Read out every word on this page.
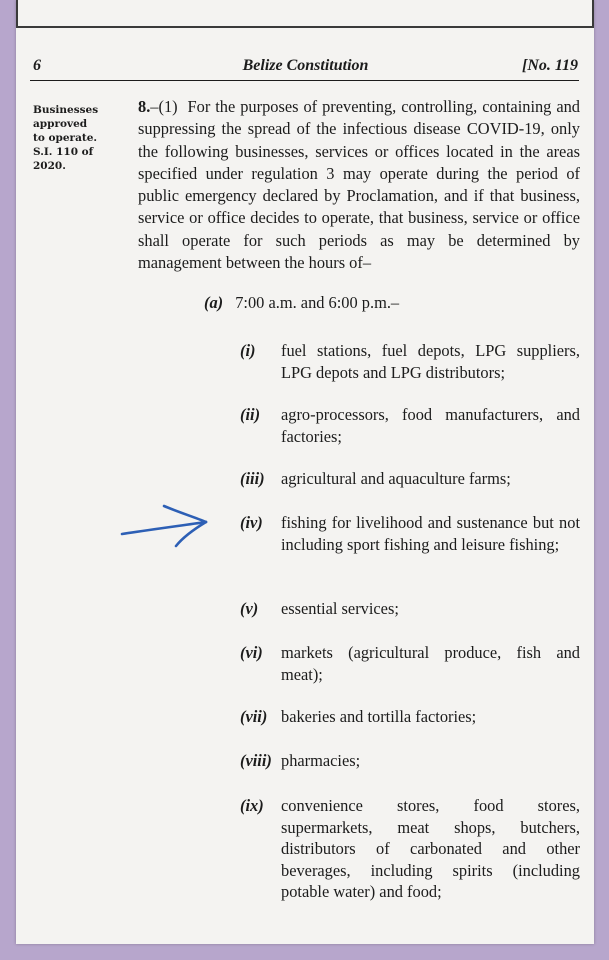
6	Belize Constitution	[No. 119
Businesses
approved
to operate.
S.I. 110 of
2020.
8.–(1) For the purposes of preventing, controlling, containing and suppressing the spread of the infectious disease COVID-19, only the following businesses, services or offices located in the areas specified under regulation 3 may operate during the period of public emergency declared by Proclamation, and if that business, service or office decides to operate, that business, service or office shall operate for such periods as may be determined by management between the hours of–
(a) 7:00 a.m. and 6:00 p.m.–
(i) fuel stations, fuel depots, LPG suppliers, LPG depots and LPG distributors;
(ii) agro-processors, food manufacturers, and factories;
(iii) agricultural and aquaculture farms;
(iv) fishing for livelihood and sustenance but not including sport fishing and leisure fishing;
(v) essential services;
(vi) markets (agricultural produce, fish and meat);
(vii) bakeries and tortilla factories;
(viii) pharmacies;
(ix) convenience stores, food stores, supermarkets, meat shops, butchers, distributors of carbonated and other beverages, including spirits (including potable water) and food;
